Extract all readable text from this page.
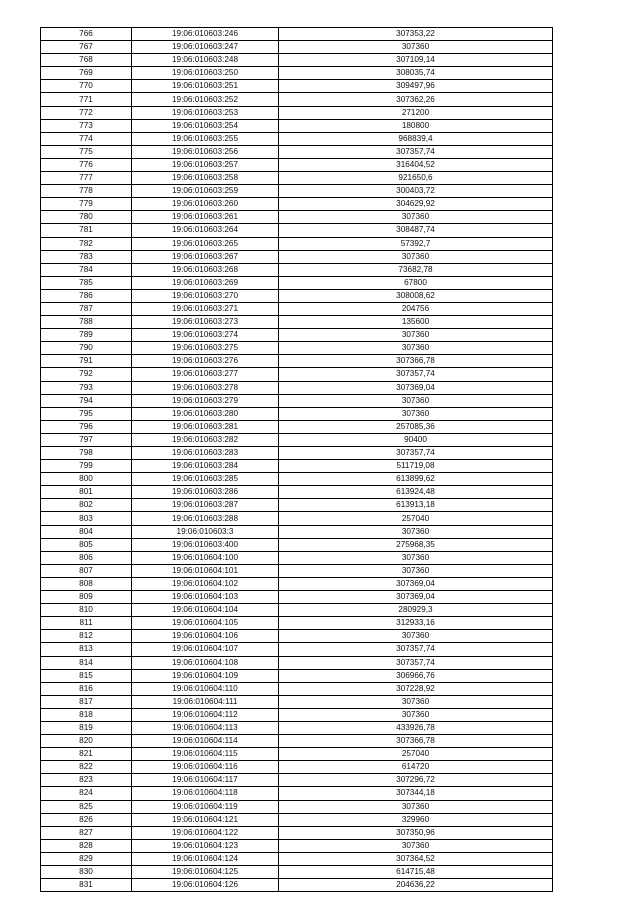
766	19:06:010603:246	307353,22
767	19:06:010603:247	307360
768	19:06:010603:248	307109,14
769	19:06:010603:250	308035,74
770	19:06:010603:251	309497,96
771	19:06:010603:252	307362,26
772	19:06:010603:253	271200
773	19:06:010603:254	180800
774	19:06:010603:255	968839,4
775	19:06:010603:256	307357,74
776	19:06:010603:257	316404,52
777	19:06:010603:258	921650,6
778	19:06:010603:259	300403,72
779	19:06:010603:260	304629,92
780	19:06:010603:261	307360
781	19:06:010603:264	308487,74
782	19:06:010603:265	57392,7
783	19:06:010603:267	307360
784	19:06:010603:268	73682,78
785	19:06:010603:269	67800
786	19:06:010603:270	308008,62
787	19:06:010603:271	204756
788	19:06:010603:273	135600
789	19:06:010603:274	307360
790	19:06:010603:275	307360
791	19:06:010603:276	307366,78
792	19:06:010603:277	307357,74
793	19:06:010603:278	307369,04
794	19:06:010603:279	307360
795	19:06:010603:280	307360
796	19:06:010603:281	257085,36
797	19:06:010603:282	90400
798	19:06:010603:283	307357,74
799	19:06:010603:284	511719,08
800	19:06:010603:285	613899,62
801	19:06:010603:286	613924,48
802	19:06:010603:287	613913,18
803	19:06:010603:288	257040
804	19:06:010603:3	307360
805	19:06:010603:400	275968,35
806	19:06:010604:100	307360
807	19:06:010604:101	307360
808	19:06:010604:102	307369,04
809	19:06:010604:103	307369,04
810	19:06:010604:104	280929,3
811	19:06:010604:105	312933,16
812	19:06:010604:106	307360
813	19:06:010604:107	307357,74
814	19:06:010604:108	307357,74
815	19:06:010604:109	306966,76
816	19:06:010604:110	307228,92
817	19:06:010604:111	307360
818	19:06:010604:112	307360
819	19:06:010604:113	433926,78
820	19:06:010604:114	307366,78
821	19:06:010604:115	257040
822	19:06:010604:116	614720
823	19:06:010604:117	307296,72
824	19:06:010604:118	307344,18
825	19:06:010604:119	307360
826	19:06:010604:121	329960
827	19:06:010604:122	307350,96
828	19:06:010604:123	307360
829	19:06:010604:124	307364,52
830	19:06:010604:125	614715,48
831	19:06:010604:126	204636,22
